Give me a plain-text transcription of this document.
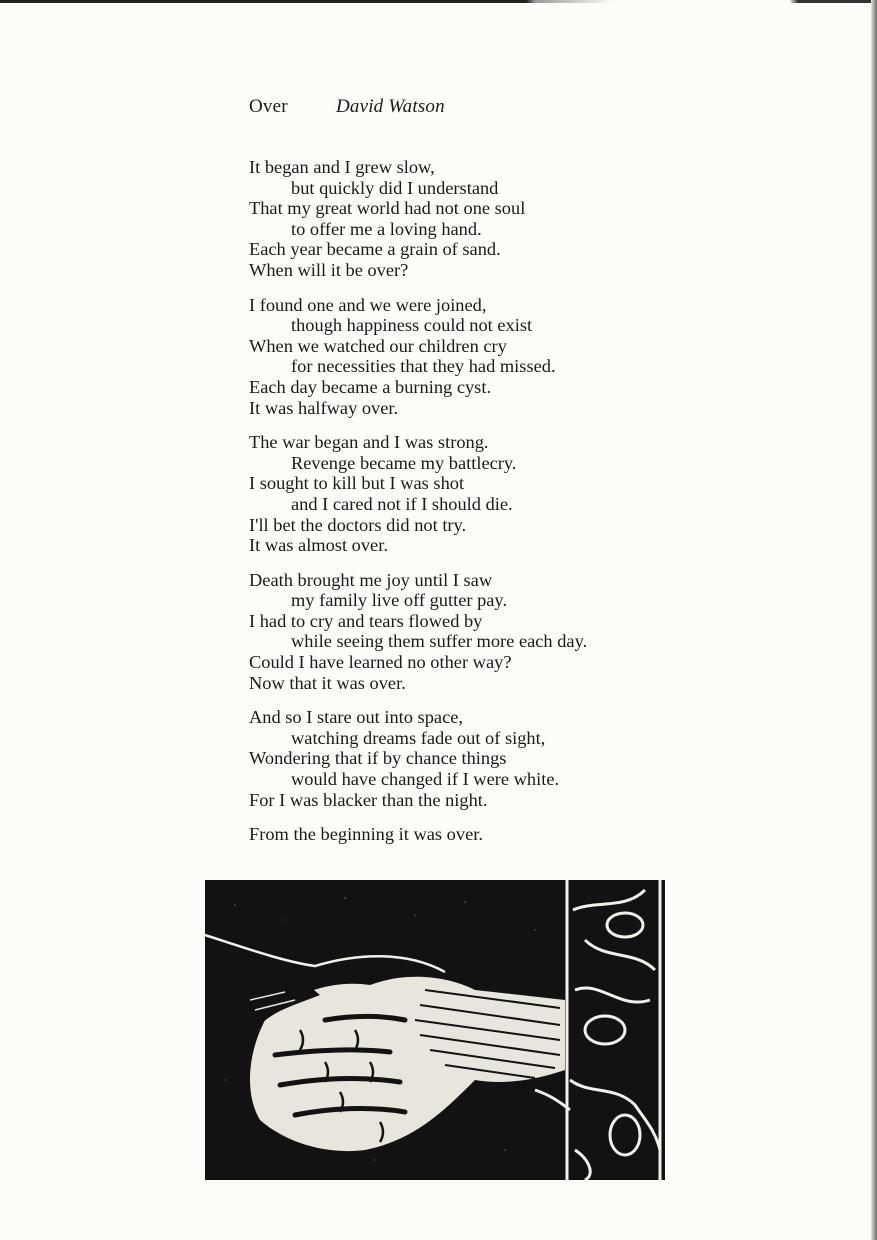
Over	David Watson
It began and I grew slow,
but quickly did I understand
That my great world had not one soul
to offer me a loving hand.
Each year became a grain of sand.
When will it be over?
I found one and we were joined,
though happiness could not exist
When we watched our children cry
for necessities that they had missed.
Each day became a burning cyst.
It was halfway over.
The war began and I was strong.
Revenge became my battlecry.
I sought to kill but I was shot
and I cared not if I should die.
I'll bet the doctors did not try.
It was almost over.
Death brought me joy until I saw
my family live off gutter pay.
I had to cry and tears flowed by
while seeing them suffer more each day.
Could I have learned no other way?
Now that it was over.
And so I stare out into space,
watching dreams fade out of sight,
Wondering that if by chance things
would have changed if I were white.
For I was blacker than the night.
From the beginning it was over.
